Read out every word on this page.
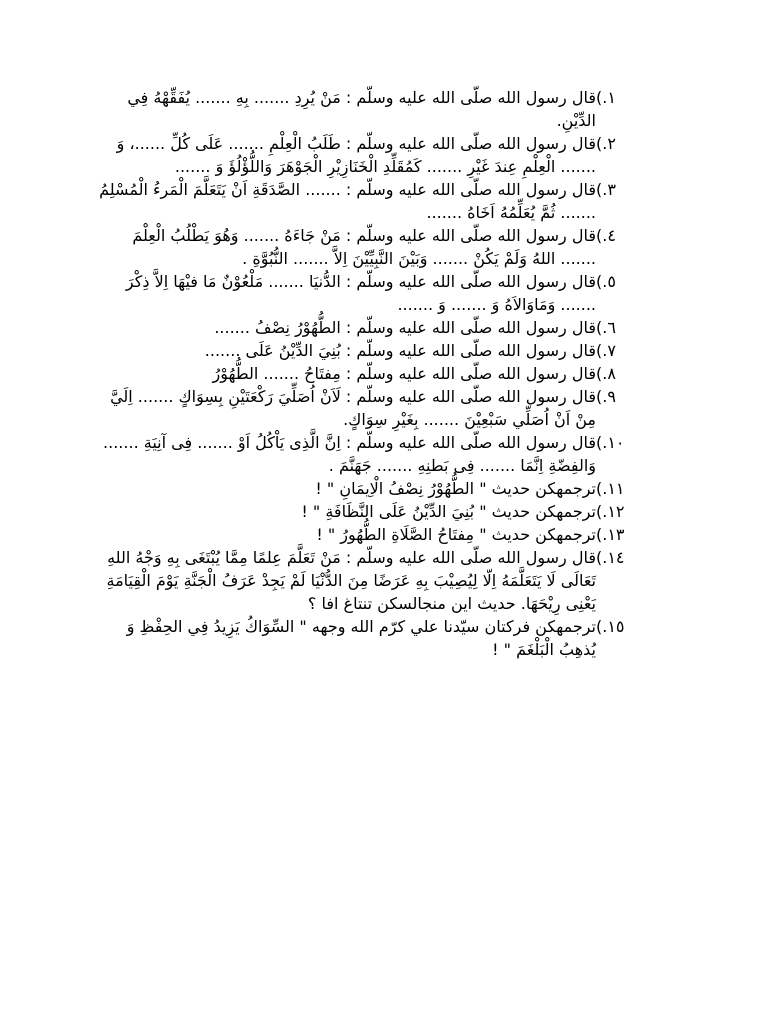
(.١
قال رسول الله صلّى الله عليه وسلّم : مَنْ يُرِدِ ....... بِهِ ....... يُفَقِّهْهُ فِي الدِّيْنِ.
(.٢
قال رسول الله صلّى الله عليه وسلّم : طَلَبُ الْعِلْمِ ....... عَلَى كُلِّ ......، وَ ....... الْعِلْمِ عِندَ غَيْرِ ....... كَمُقَلِّدِ الْخَنَازِيْرِ الْجَوْهَرَ وَاللُّؤْلُؤَ وَ .......
(.٣
قال رسول الله صلّى الله عليه وسلّم : ....... الصَّدَقَةِ اَنْ يَتَعَلَّمَ الْمَرءُ الْمُسْلِمُ ....... ثُمَّ يُعَلِّمُهُ اَخَاهُ .......
(.٤
قال رسول الله صلّى الله عليه وسلّم : مَنْ جَاءَهُ ....... وَهُوَ يَطْلُبُ الْعِلْمَ ....... اللهُ وَلَمْ يَكُنْ ....... وَبَيْنَ النَّبِيِّيْنَ اِلاَّ ....... النُّبُوَّةِ .
(.٥
قال رسول الله صلّى الله عليه وسلّم : الدُّنيَا ....... مَلْعُوْنٌ مَا فيْهَا اِلاَّ ذِكْرَ ....... وَمَاوَالاَهُ وَ ....... وَ .......
(.٦
قال رسول الله صلّى الله عليه وسلّم : الطُّهُوْرُ نِصْفُ .......
(.٧
قال رسول الله صلّى الله عليه وسلّم : بُنِيَ الدِّيْنُ عَلَى .......
(.٨
قال رسول الله صلّى الله عليه وسلّم : مِفتَاحُ ....... الطُّهُوْرُ
(.٩
قال رسول الله صلّى الله عليه وسلّم : لَاَنْ اُصَلِّيَ رَكْعَتَيْنِ بِسِوَاكٍ ....... اِلَيَّ مِنْ اَنْ اُصَلِّي سَبْعِيْنَ ....... بِغَيْرِ سِوَاكٍ.
(.١٠
قال رسول الله صلّى الله عليه وسلّم : اِنَّ الَّذِى يَاْكُلُ اَوْ ....... فِى آنِيَةِ ....... وَالفِضّةِ اِنَّمَا ....... فِى بَطنِهِ ....... جَهَنَّمَ .
(.١١
ترجمهكن حديث " الطُّهُوْرُ نِصْفُ الْاِيمَانِ " !
(.١٢
ترجمهكن حديث " بُنِيَ الدِّيْنُ عَلَى النَّظَافَةِ " !
(.١٣
ترجمهكن حديث " مِفتَاحُ الصَّلَاةِ الطُّهُورُ " !
(.١٤
قال رسول الله صلّى الله عليه وسلّم : مَنْ تَعَلَّمَ عِلمًا مِمَّا يُبْتَغَى بِهِ وَجْهُ اللهِ تَعَالَى لَا يَتَعَلَّمَهُ اِلّا لِيُصِيْبَ بِهِ عَرَضًا مِنَ الدُّنْيَا لَمْ يَجِدْ عَرَفُ الْجَنَّةِ يَوْمَ الْقِيَامَةِ يَعْنِى رِيْحَهَا. حديث اين منجالسكن تنتاغ افا ؟
(.١٥
ترجمهكن فركتان سيّدنا علي كرّم الله وجهه " السِّوَاكُ يَزِيدُ فِي الحِفْظِ وَ يُذهِبُ الْبَلْغَمَ " !
